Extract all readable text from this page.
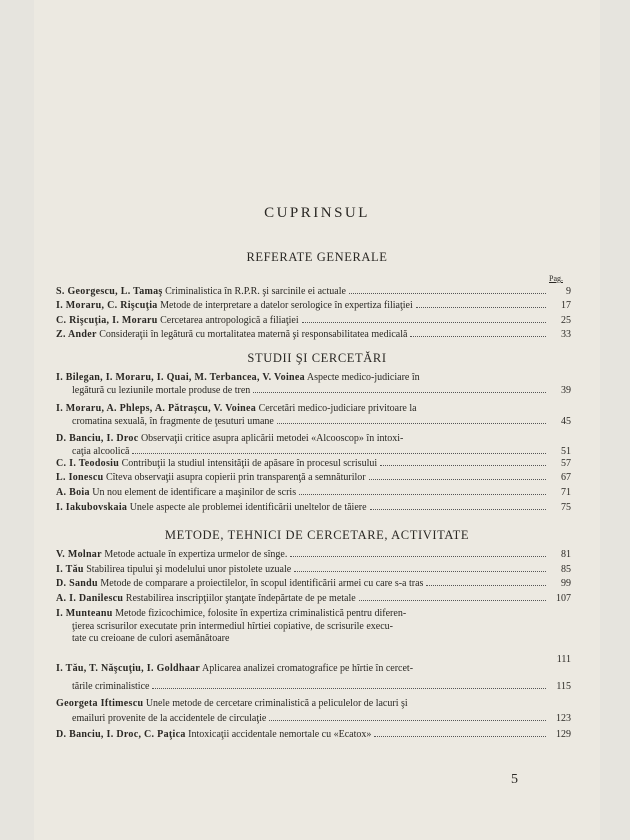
CUPRINSUL
REFERATE GENERALE
Pag.
S. Georgescu, L. Tamaş Criminalistica în R.P.R. şi sarcinile ei actuale	9
I. Moraru, C. Rişcuţia Metode de interpretare a datelor serologice în expertiza filiaţiei	17
C. Rişcuţia, I. Moraru Cercetarea antropologică a filiaţiei	25
Z. Ander Consideraţii în legătură cu mortalitatea maternă şi responsabilitatea medicală	33
STUDII ŞI CERCETĂRI
I. Bilegan, I. Moraru, I. Quai, M. Terbancea, V. Voinea Aspecte medico-judiciare în
legătură cu leziunile mortale produse de tren	39
I. Moraru, A. Phleps, A. Pătraşcu, V. Voinea Cercetări medico-judiciare privitoare la
cromatina sexuală, în fragmente de ţesuturi umane	45
D. Banciu, I. Droc Observaţii critice asupra aplicării metodei «Alcooscop» în intoxi-
caţia alcoolică	51
C. I. Teodosiu Contribuţii la studiul intensităţii de apăsare în procesul scrisului	57
L. Ionescu Cîteva observaţii asupra copierii prin transparenţă a semnăturilor	67
A. Boia Un nou element de identificare a maşinilor de scris	71
I. Iakubovskaia Unele aspecte ale problemei identificării uneltelor de tăiere	75
METODE, TEHNICI DE CERCETARE, ACTIVITATE
V. Molnar Metode actuale în expertiza urmelor de sînge.	81
I. Tău Stabilirea tipului şi modelului unor pistolete uzuale	85
D. Sandu Metode de comparare a proiectilelor, în scopul identificării armei cu care s-a tras	99
A. I. Danilescu Restabilirea inscripţiilor ştanţate îndepărtate de pe metale	107
I. Munteanu Metode fizicochimice, folosite în expertiza criminalistică pentru diferen-
ţierea scrisurilor executate prin intermediul hîrtiei copiative, de scrisurile execu-
tate cu creioane de culori asemănătoare
111
I. Tău, T. Năşcuţiu, I. Goldhaar Aplicarea analizei cromatografice pe hîrtie în cercet-
tările criminalistice	115
Georgeta Iftimescu Unele metode de cercetare criminalistică a peliculelor de lacuri şi
emailuri provenite de la accidentele de circulaţie	123
D. Banciu, I. Droc, C. Paţica Intoxicaţii accidentale nemortale cu «Ecatox»	129
5
